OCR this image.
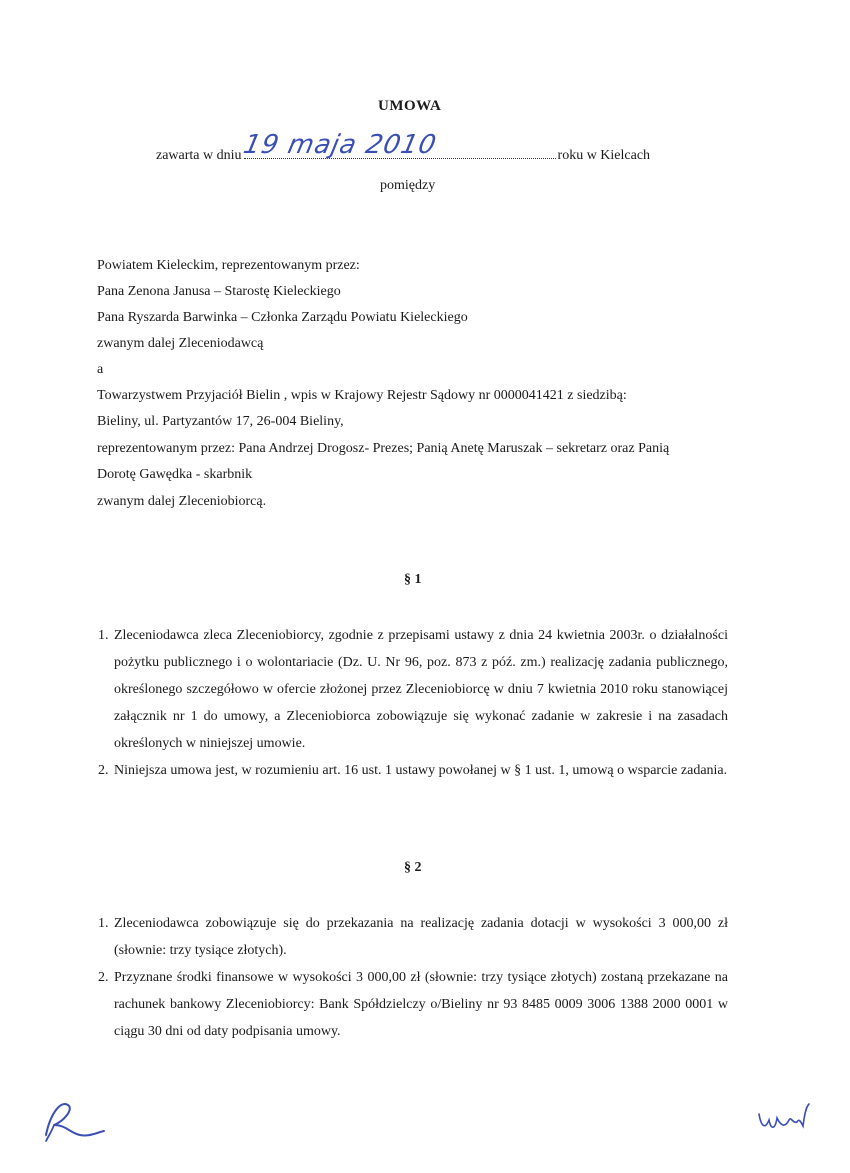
UMOWA
zawarta w dniu
19 maja 2010	roku w Kielcach
pomiędzy
Powiatem Kieleckim, reprezentowanym przez:
Pana Zenona Janusa – Starostę Kieleckiego
Pana Ryszarda Barwinka – Członka Zarządu Powiatu Kieleckiego
zwanym dalej Zleceniodawcą
a
Towarzystwem Przyjaciół Bielin , wpis w Krajowy Rejestr Sądowy nr 0000041421 z siedzibą:
Bieliny, ul. Partyzantów 17, 26-004 Bieliny,
reprezentowanym przez: Pana Andrzej Drogosz- Prezes; Panią Anetę Maruszak – sekretarz oraz Panią
Dorotę Gawędka - skarbnik
zwanym dalej Zleceniobiorcą.
§ 1
1. Zleceniodawca zleca Zleceniobiorcy, zgodnie z przepisami ustawy z dnia 24 kwietnia 2003r. o działalności pożytku publicznego i o wolontariacie (Dz. U. Nr 96, poz. 873 z póź. zm.) realizację zadania publicznego, określonego szczegółowo w ofercie złożonej przez Zleceniobiorcę w dniu 7 kwietnia 2010 roku stanowiącej załącznik nr 1 do umowy, a Zleceniobiorca zobowiązuje się wykonać zadanie w zakresie i na zasadach określonych w niniejszej umowie.
2. Niniejsza umowa jest, w rozumieniu art. 16 ust. 1 ustawy powołanej w § 1 ust. 1, umową o wsparcie zadania.
§ 2
1. Zleceniodawca zobowiązuje się do przekazania na realizację zadania dotacji w wysokości 3 000,00 zł (słownie: trzy tysiące złotych).
2. Przyznane środki finansowe w wysokości 3 000,00 zł (słownie: trzy tysiące złotych) zostaną przekazane na rachunek bankowy Zleceniobiorcy: Bank Spółdzielczy o/Bieliny nr 93 8485 0009 3006 1388 2000 0001 w ciągu 30 dni od daty podpisania umowy.
